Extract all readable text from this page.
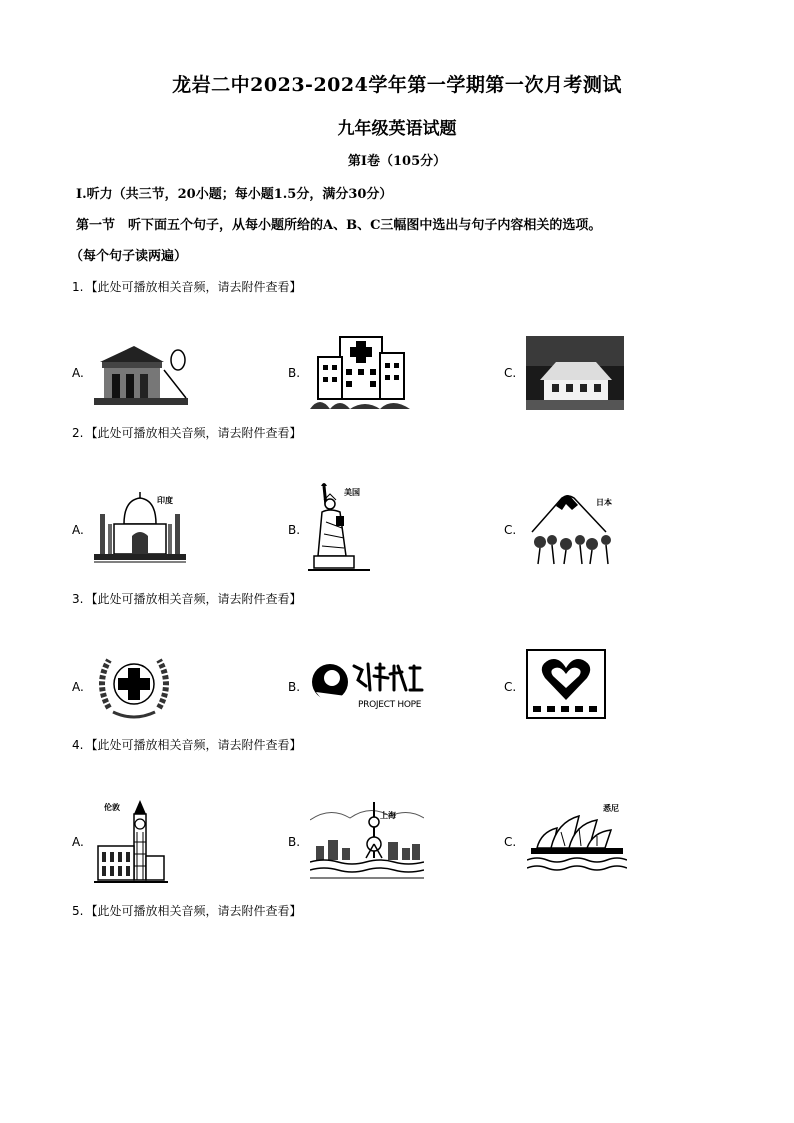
龙岩二中2023-2024学年第一学期第一次月考测试
九年级英语试题
第Ⅰ卷（105分）
Ⅰ.听力（共三节，20小题；每小题1.5分，满分30分）
第一节　听下面五个句子，从每小题所给的A、B、C三幅图中选出与句子内容相关的选项。
（每个句子读两遍）
1. 【此处可播放相关音频，请去附件查看】
A.	B.	C.
2. 【此处可播放相关音频，请去附件查看】
A.
印度
B.
美国
C.
日本
3. 【此处可播放相关音频，请去附件查看】
A.	B.
PROJECT HOPE
C.
4. 【此处可播放相关音频，请去附件查看】
A.
伦敦
B.
上海
C.
悉尼
5. 【此处可播放相关音频，请去附件查看】
